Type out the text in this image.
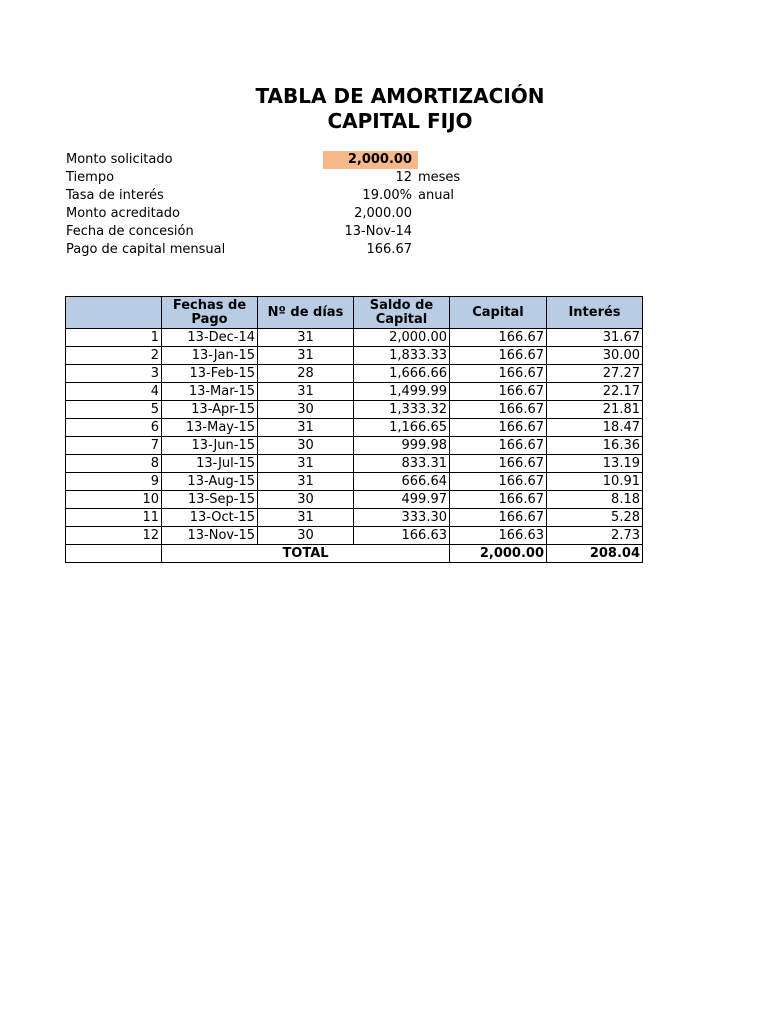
TABLA DE AMORTIZACIÓN
CAPITAL FIJO
Monto solicitado	2,000.00
Tiempo	12 meses
Tasa de interés	19.00% anual
Monto acreditado	2,000.00
Fecha de concesión	13-Nov-14
Pago de capital mensual	166.67
	Fechas de Pago	Nº de días	Saldo de Capital	Capital	Interés
1	13-Dec-14	31	2,000.00	166.67	31.67
2	13-Jan-15	31	1,833.33	166.67	30.00
3	13-Feb-15	28	1,666.66	166.67	27.27
4	13-Mar-15	31	1,499.99	166.67	22.17
5	13-Apr-15	30	1,333.32	166.67	21.81
6	13-May-15	31	1,166.65	166.67	18.47
7	13-Jun-15	30	999.98	166.67	16.36
8	13-Jul-15	31	833.31	166.67	13.19
9	13-Aug-15	31	666.64	166.67	10.91
10	13-Sep-15	30	499.97	166.67	8.18
11	13-Oct-15	31	333.30	166.67	5.28
12	13-Nov-15	30	166.63	166.63	2.73
	TOTAL			2,000.00	208.04
